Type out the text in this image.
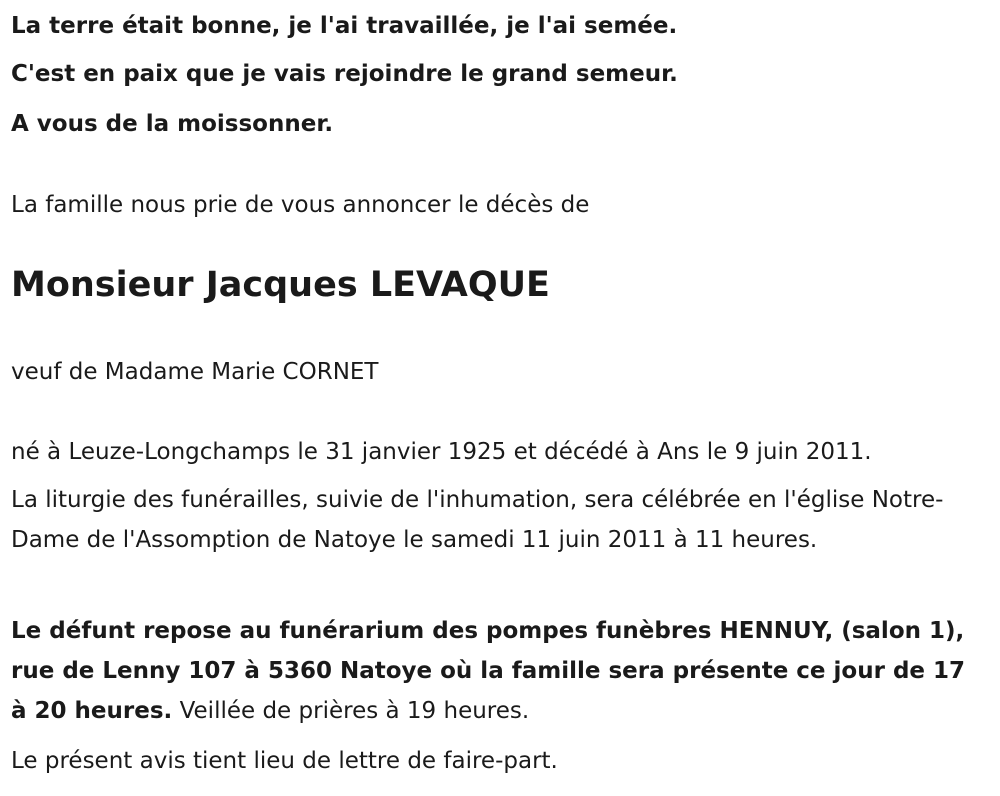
La terre était bonne, je l'ai travaillée, je l'ai semée.

C'est en paix que je vais rejoindre le grand semeur.

A vous de la moissonner.

La famille nous prie de vous annoncer le décès de

Monsieur Jacques LEVAQUE

veuf de Madame Marie CORNET

né à Leuze-Longchamps le 31 janvier 1925 et décédé à Ans le 9 juin 2011.

La liturgie des funérailles, suivie de l'inhumation, sera célébrée en l'église Notre-Dame de l'Assomption de Natoye le samedi 11 juin 2011 à 11 heures.

Le défunt repose au funérarium des pompes funèbres HENNUY, (salon 1), rue de Lenny 107 à 5360 Natoye où la famille sera présente ce jour de 17 à 20 heures. Veillée de prières à 19 heures.

Le présent avis tient lieu de lettre de faire-part.
